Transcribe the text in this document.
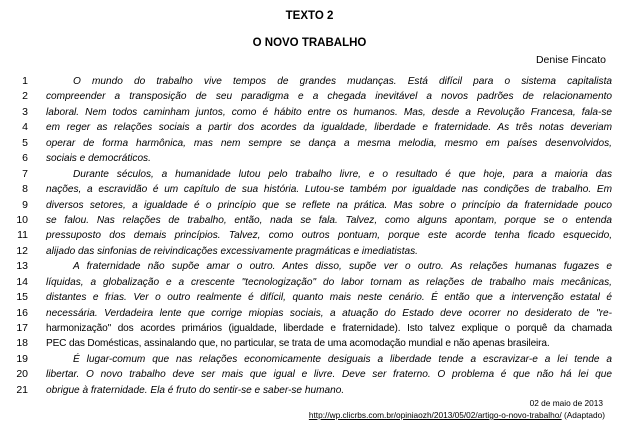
TEXTO 2
O NOVO TRABALHO
Denise Fincato
1	O mundo do trabalho vive tempos de grandes mudanças. Está difícil para o sistema capitalista
2 compreender a transposição de seu paradigma e a chegada inevitável a novos padrões de relacionamento
3 laboral. Nem todos caminham juntos, como é hábito entre os humanos. Mas, desde a Revolução Francesa, fala-se
4 em reger as relações sociais a partir dos acordes da igualdade, liberdade e fraternidade. As três notas deveriam
5 operar de forma harmônica, mas nem sempre se dança a mesma melodia, mesmo em países desenvolvidos,
6 sociais e democráticos.
7	Durante séculos, a humanidade lutou pelo trabalho livre, e o resultado é que hoje, para a maioria das
8 nações, a escravidão é um capítulo de sua história. Lutou-se também por igualdade nas condições de trabalho. Em
9 diversos setores, a igualdade é o princípio que se reflete na prática. Mas sobre o princípio da fraternidade pouco
10 se falou. Nas relações de trabalho, então, nada se fala. Talvez, como alguns apontam, porque se o entenda
11 pressuposto dos demais princípios. Talvez, como outros pontuam, porque este acorde tenha ficado esquecido,
12 alijado das sinfonias de reivindicações excessivamente pragmáticas e imediatistas.
13	A fraternidade não supõe amar o outro. Antes disso, supõe ver o outro. As relações humanas fugazes e
14 líquidas, a globalização e a crescente "tecnologização" do labor tornam as relações de trabalho mais mecânicas,
15 distantes e frias. Ver o outro realmente é difícil, quanto mais neste cenário. É então que a intervenção estatal é
16 necessária. Verdadeira lente que corrige miopias sociais, a atuação do Estado deve ocorrer no desiderato de "re-
17 harmonização" dos acordes primários (igualdade, liberdade e fraternidade). Isto talvez explique o porquê da chamada
18 PEC das Domésticas, assinalando que, no particular, se trata de uma acomodação mundial e não apenas brasileira.
19	É lugar-comum que nas relações economicamente desiguais a liberdade tende a escravizar-e a lei tende a
20 libertar. O novo trabalho deve ser mais que igual e livre. Deve ser fraterno. O problema é que não há lei que
21 obrigue à fraternidade. Ela é fruto do sentir-se e saber-se humano.
02 de maio de 2013
http://wp.clicrbs.com.br/opiniaozh/2013/05/02/artigo-o-novo-trabalho/ (Adaptado)
